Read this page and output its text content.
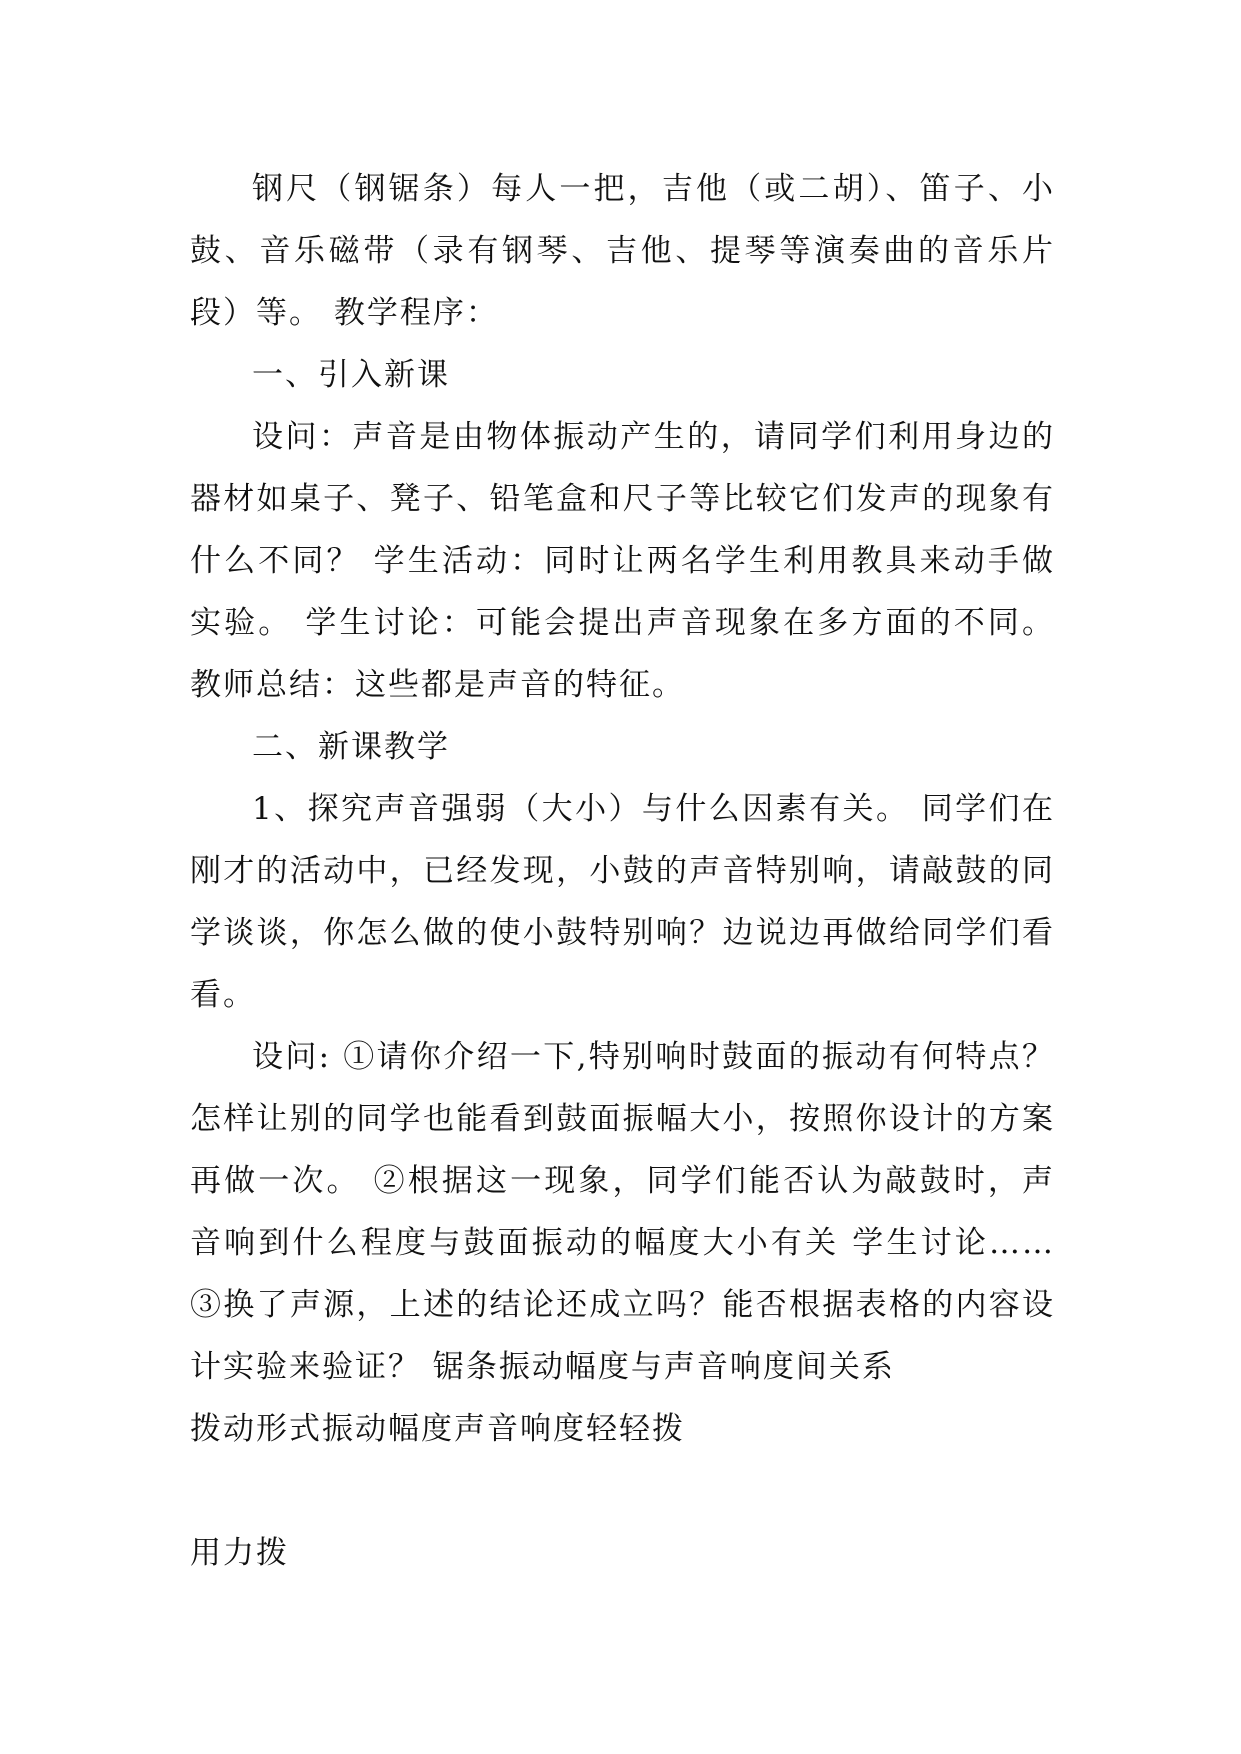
钢尺（钢锯条）每人一把，吉他（或二胡）、笛子、小鼓、音乐磁带（录有钢琴、吉他、提琴等演奏曲的音乐片段）等。 教学程序：

一、引入新课

设问：声音是由物体振动产生的，请同学们利用身边的器材如桌子、凳子、铅笔盒和尺子等比较它们发声的现象有什么不同？ 学生活动：同时让两名学生利用教具来动手做实验。 学生讨论：可能会提出声音现象在多方面的不同。 教师总结：这些都是声音的特征。

二、新课教学

1、探究声音强弱（大小）与什么因素有关。 同学们在刚才的活动中，已经发现，小鼓的声音特别响，请敲鼓的同学谈谈，你怎么做的使小鼓特别响？边说边再做给同学们看看。

设问: ①请你介绍一下,特别响时鼓面的振动有何特点？怎样让别的同学也能看到鼓面振幅大小，按照你设计的方案再做一次。 ②根据这一现象，同学们能否认为敲鼓时，声音响到什么程度与鼓面振动的幅度大小有关 学生讨论……③换了声源，上述的结论还成立吗？能否根据表格的内容设计实验来验证？ 锯条振动幅度与声音响度间关系

拨动形式振动幅度声音响度轻轻拨

用力拨
